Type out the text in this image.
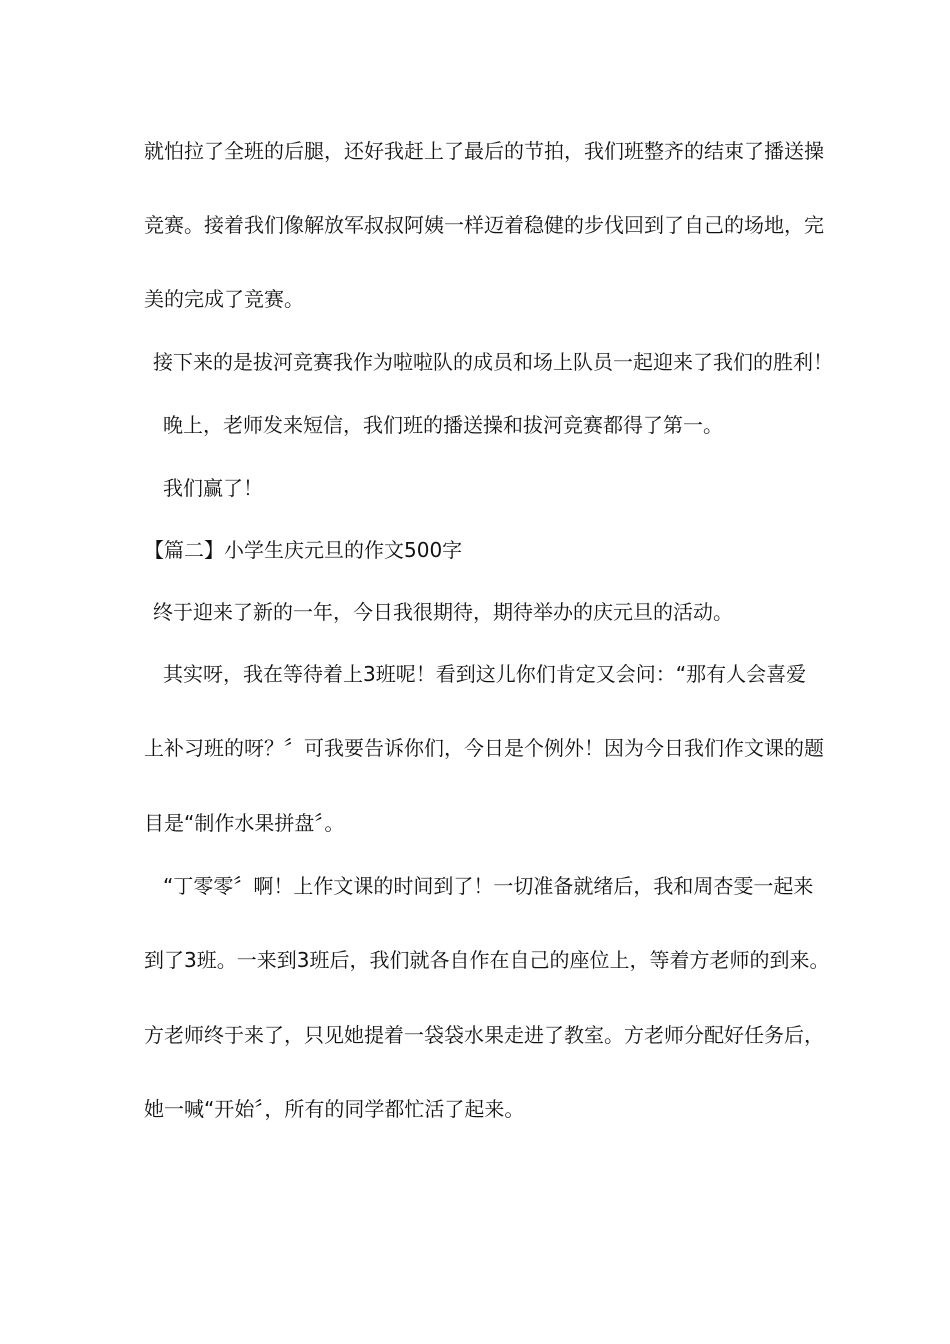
就怕拉了全班的后腿，还好我赶上了最后的节拍，我们班整齐的结束了播送操
竞赛。接着我们像解放军叔叔阿姨一样迈着稳健的步伐回到了自己的场地，完
美的完成了竞赛。
接下来的是拔河竞赛我作为啦啦队的成员和场上队员一起迎来了我们的胜利！
晚上，老师发来短信，我们班的播送操和拔河竞赛都得了第一。
我们赢了！
【篇二】小学生庆元旦的作文500字
终于迎来了新的一年，今日我很期待，期待举办的庆元旦的活动。
其实呀，我在等待着上3班呢！看到这儿你们肯定又会问：“那有人会喜爱
上补习班的呀？〞可我要告诉你们，今日是个例外！因为今日我们作文课的题
目是“制作水果拼盘〞。
“丁零零〞啊！上作文课的时间到了！一切准备就绪后，我和周杏雯一起来
到了3班。一来到3班后，我们就各自作在自己的座位上，等着方老师的到来。
方老师终于来了，只见她提着一袋袋水果走进了教室。方老师分配好任务后，
她一喊“开始〞，所有的同学都忙活了起来。
